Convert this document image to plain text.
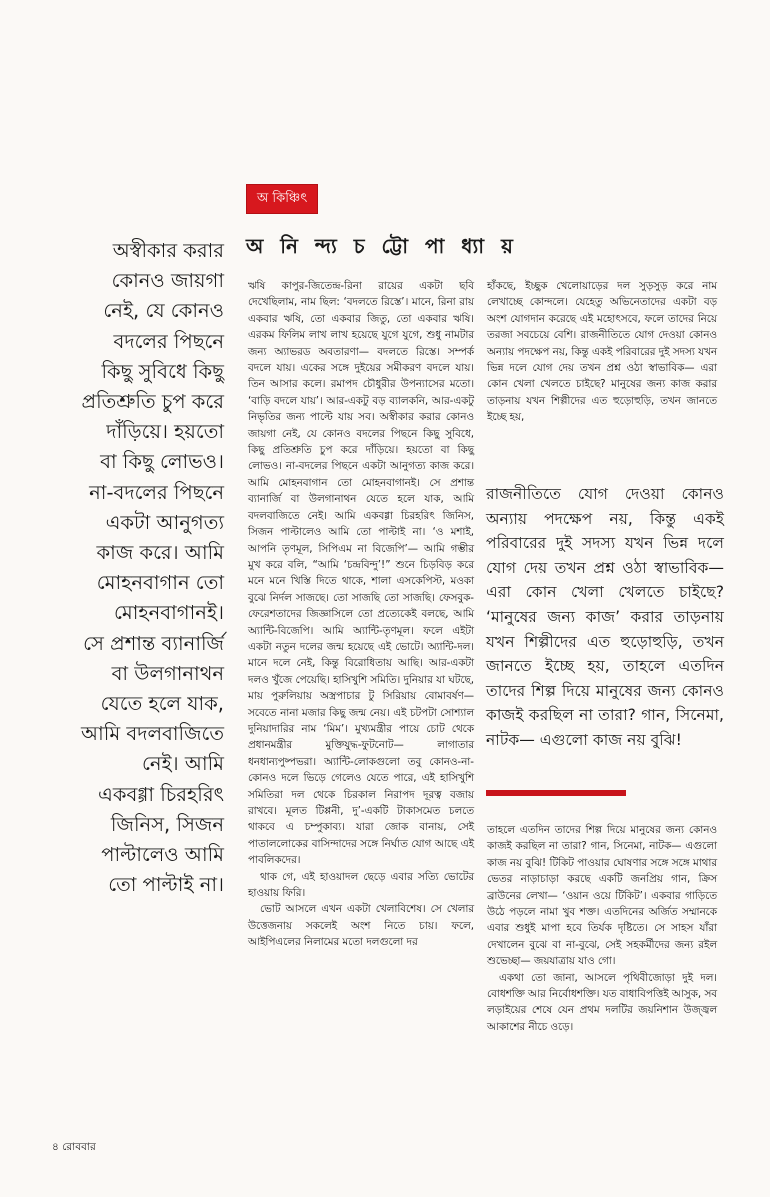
অ কিঞ্চিৎ
অ নি ন্দ্য চ ট্টো পা ধ্যা য়

অস্বীকার করার

কোনও জায়গা

নেই, যে কোনও

বদলের পিছনে

কিছু সুবিধে কিছু

প্রতিশ্রুতি চুপ করে

দাঁড়িয়ে। হয়তো

বা কিছু লোভও।

না-বদলের পিছনে

একটা আনুগত্য

কাজ করে। আমি

মোহনবাগান তো

মোহনবাগানই।

সে প্রশান্ত ব্যানার্জি

বা উলগানাথন

যেতে হলে যাক,

আমি বদলবাজিতে

নেই। আমি

একবগ্গা চিরহরিৎ

জিনিস, সিজন

পাল্টালেও আমি

তো পাল্টাই না।

ঋষি কাপুর-জিতেন্দ্র-রিনা রায়ের একটা ছবি দেখেছিলাম, নাম ছিল: ‘বদলতে রিস্তে’। মানে, রিনা রায় একবার ঋষি, তো একবার জিতু, তো একবার ঋষি। এরকম ফিলিম লাখ লাখ হয়েছে যুগে যুগে, শুধু নামটার জন্য অ্যাভরড অবতারণা— বদলতে রিস্তে। সম্পর্ক বদলে যায়। একের সঙ্গে দুইয়ের সমীকরণ বদলে যায়। তিন আসার কলে। রমাপদ চৌধুরীর উপন্যাসের মতো। ‘বাড়ি বদলে যায়’। আর-একটু বড় ব্যালকনি, আর-একটু নিভৃতির জন্য পাল্টে যায় সব। অস্বীকার করার কোনও জায়গা নেই, যে কোনও বদলের পিছনে কিছু সুবিধে, কিছু প্রতিশ্রুতি চুপ করে দাঁড়িয়ে। হয়তো বা কিছু লোভও। না-বদলের পিছনে একটা আনুগত্য কাজ করে। আমি মোহনবাগান তো মোহনবাগানই। সে প্রশান্ত ব্যানার্জি বা উলগানাথন যেতে হলে যাক, আমি বদলবাজিতে নেই। আমি একবগ্গা চিরহরিৎ জিনিস, সিজন পাল্টালেও আমি তো পাল্টাই না। ‘ও মশাই, আপনি তৃণমূল, সিপিএম না বিজেপি’— আমি গম্ভীর মুখ করে বলি, “আমি ‘চন্দ্রবিন্দু’!” শুনে চিড়বিড় করে মনে মনে খিস্তি দিতে থাকে, শালা এসকেপিস্ট, মওকা বুঝে নির্দল সাজছে। তো সাজছি তো সাজছি। ফেসবুক-ফেরেশতাদের জিজ্ঞাসিলে তো প্রত্যেকেই বলছে, আমি অ্যান্টি-বিজেপি। আমি অ্যান্টি-তৃণমূল। ফলে এইটা একটা নতুন দলের জন্ম হয়েছে এই ভোটে। অ্যান্টি-দল। মানে দলে নেই, কিন্তু বিরোধিতায় আছি। আর-একটা দলও খুঁজে পেয়েছি। হাসিখুশি সমিতি। দুনিয়ার যা ঘটছে, মায় পুরুলিয়ায় অস্ত্রপাচার টু সিরিয়ায় বোমাবর্ষণ— সবেতে নানা মজার কিছু জন্ম নেয়। এই চটপটা সোশ্যাল দুনিয়াদারির নাম ‘মিম’। মুখ্যমন্ত্রীর পায়ে চোট থেকে প্রধানমন্ত্রীর মুক্তিযুদ্ধ-ফুটনোট— লাগাতার ধনধান্যপুষ্পভরা। অ্যান্টি-লোকগুলো তবু কোনও-না-কোনও দলে ভিড়ে গেলেও যেতে পারে, এই হাসিখুশি সমিতিরা দল থেকে চিরকাল নিরাপদ দূরত্ব বজায় রাখবে। মূলত টিপ্পনী, দু’-একটি টাকাসমেত চলতে থাকবে এ চম্পুকাব্য। যারা জোক বানায়, সেই পাতাললোকের বাসিন্দাদের সঙ্গে নির্ঘাত যোগ আছে এই পাবলিকদের।

থাক গে, এই হাওয়াদল ছেড়ে এবার সত্যি ভোটের হাওয়ায় ফিরি।

ভোট আসলে এখন একটা খেলাবিশেষ। সে খেলার উত্তেজনায় সকলেই অংশ নিতে চায়। ফলে, আইপিএলের নিলামের মতো দলগুলো দর

হাঁকছে, ইচ্ছুক খেলোয়াড়ের দল সুড়সুড় করে নাম লেখাচ্ছে কোন্দলে। যেহেতু অভিনেতাদের একটা বড় অংশ যোগদান করেছে এই মহোৎসবে, ফলে তাদের নিয়ে তরজা সবচেয়ে বেশি। রাজনীতিতে যোগ দেওয়া কোনও অন্যায় পদক্ষেপ নয়, কিন্তু একই পরিবারের দুই সদস্য যখন ভিন্ন দলে যোগ দেয় তখন প্রশ্ন ওঠা স্বাভাবিক— এরা কোন খেলা খেলতে চাইছে? মানুষের জন্য কাজ করার তাড়নায় যখন শিল্পীদের এত হুড়োহুড়ি, তখন জানতে ইচ্ছে হয়,

রাজনীতিতে যোগ দেওয়া কোনও অন্যায় পদক্ষেপ নয়, কিন্তু একই পরিবারের দুই সদস্য যখন ভিন্ন দলে যোগ দেয় তখন প্রশ্ন ওঠা স্বাভাবিক— এরা কোন খেলা খেলতে চাইছে? ‘মানুষের জন্য কাজ’ করার তাড়নায় যখন শিল্পীদের এত হুড়োহুড়ি, তখন জানতে ইচ্ছে হয়, তাহলে এতদিন তাদের শিল্প দিয়ে মানুষের জন্য কোনও কাজই করছিল না তারা? গান, সিনেমা, নাটক— এগুলো কাজ নয় বুঝি!

তাহলে এতদিন তাদের শিল্প দিয়ে মানুষের জন্য কোনও কাজই করছিল না তারা? গান, সিনেমা, নাটক— এগুলো কাজ নয় বুঝি! টিকিট পাওয়ার ঘোষণার সঙ্গে সঙ্গে মাথার ভেতর নাড়াচাড়া করছে একটি জনপ্রিয় গান, ক্রিস ব্রাউনের লেখা— ‘ওয়ান ওয়ে টিকিট’। একবার গাড়িতে উঠে পড়লে নামা খুব শক্ত। এতদিনের অর্জিত সম্মানকে এবার শুধুই মাপা হবে তির্যক দৃষ্টিতে। সে সাহস যাঁরা দেখালেন বুঝে বা না-বুঝে, সেই সহকর্মীদের জন্য রইল শুভেচ্ছা— জয়যাত্রায় যাও গো।

একথা তো জানা, আসলে পৃথিবীজোড়া দুই দল। বোধশক্তি আর নির্বোধশক্তি। যত বাধাবিপত্তিই আসুক, সব লড়াইয়ের শেষে যেন প্রথম দলটির জয়নিশান উজ্জ্বল আকাশের নীচে ওড়ে।

৪ রোববার
